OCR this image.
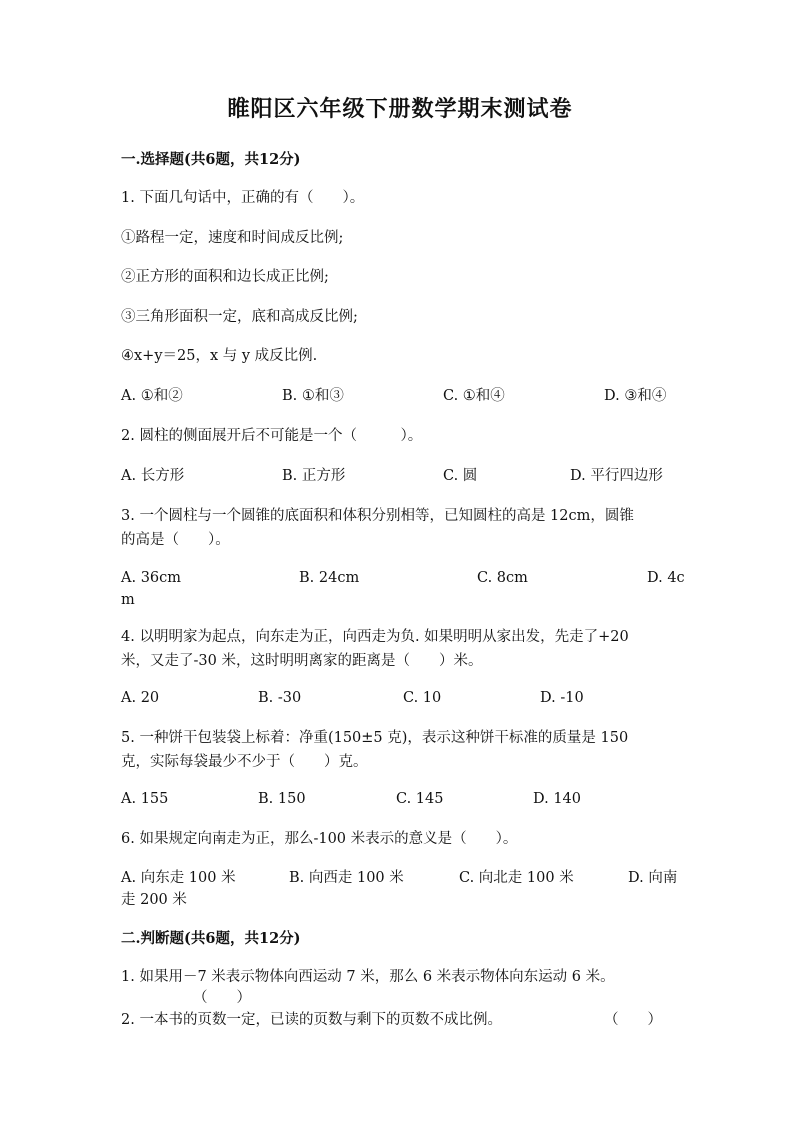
睢阳区六年级下册数学期末测试卷
一.选择题(共6题，共12分)
1. 下面几句话中，正确的有（　　）。
①路程一定，速度和时间成反比例;
②正方形的面积和边长成正比例;
③三角形面积一定，底和高成反比例;
④x+y＝25，x 与 y 成反比例.
A. ①和②	B. ①和③	C. ①和④	D. ③和④
2. 圆柱的侧面展开后不可能是一个（　　　）。
A. 长方形	B. 正方形	C. 圆	D. 平行四边形
3. 一个圆柱与一个圆锥的底面积和体积分别相等，已知圆柱的高是 12cm，圆锥
的高是（　　）。
A. 36cm	B. 24cm	C. 8cm	D. 4c
m
4. 以明明家为起点，向东走为正，向西走为负. 如果明明从家出发，先走了+20
米，又走了-30 米，这时明明离家的距离是（　　）米。
A. 20	B. -30	C. 10	D. -10
5. 一种饼干包装袋上标着：净重(150±5 克)，表示这种饼干标准的质量是 150
克，实际每袋最少不少于（　　）克。
A. 155	B. 150	C. 145	D. 140
6. 如果规定向南走为正，那么-100 米表示的意义是（　　）。
A. 向东走 100 米	B. 向西走 100 米	C. 向北走 100 米	D. 向南
走 200 米
二.判断题(共6题，共12分)
1. 如果用－7 米表示物体向西运动 7 米，那么 6 米表示物体向东运动 6 米。
（　　）
2. 一本书的页数一定，已读的页数与剩下的页数不成比例。	（　　）
